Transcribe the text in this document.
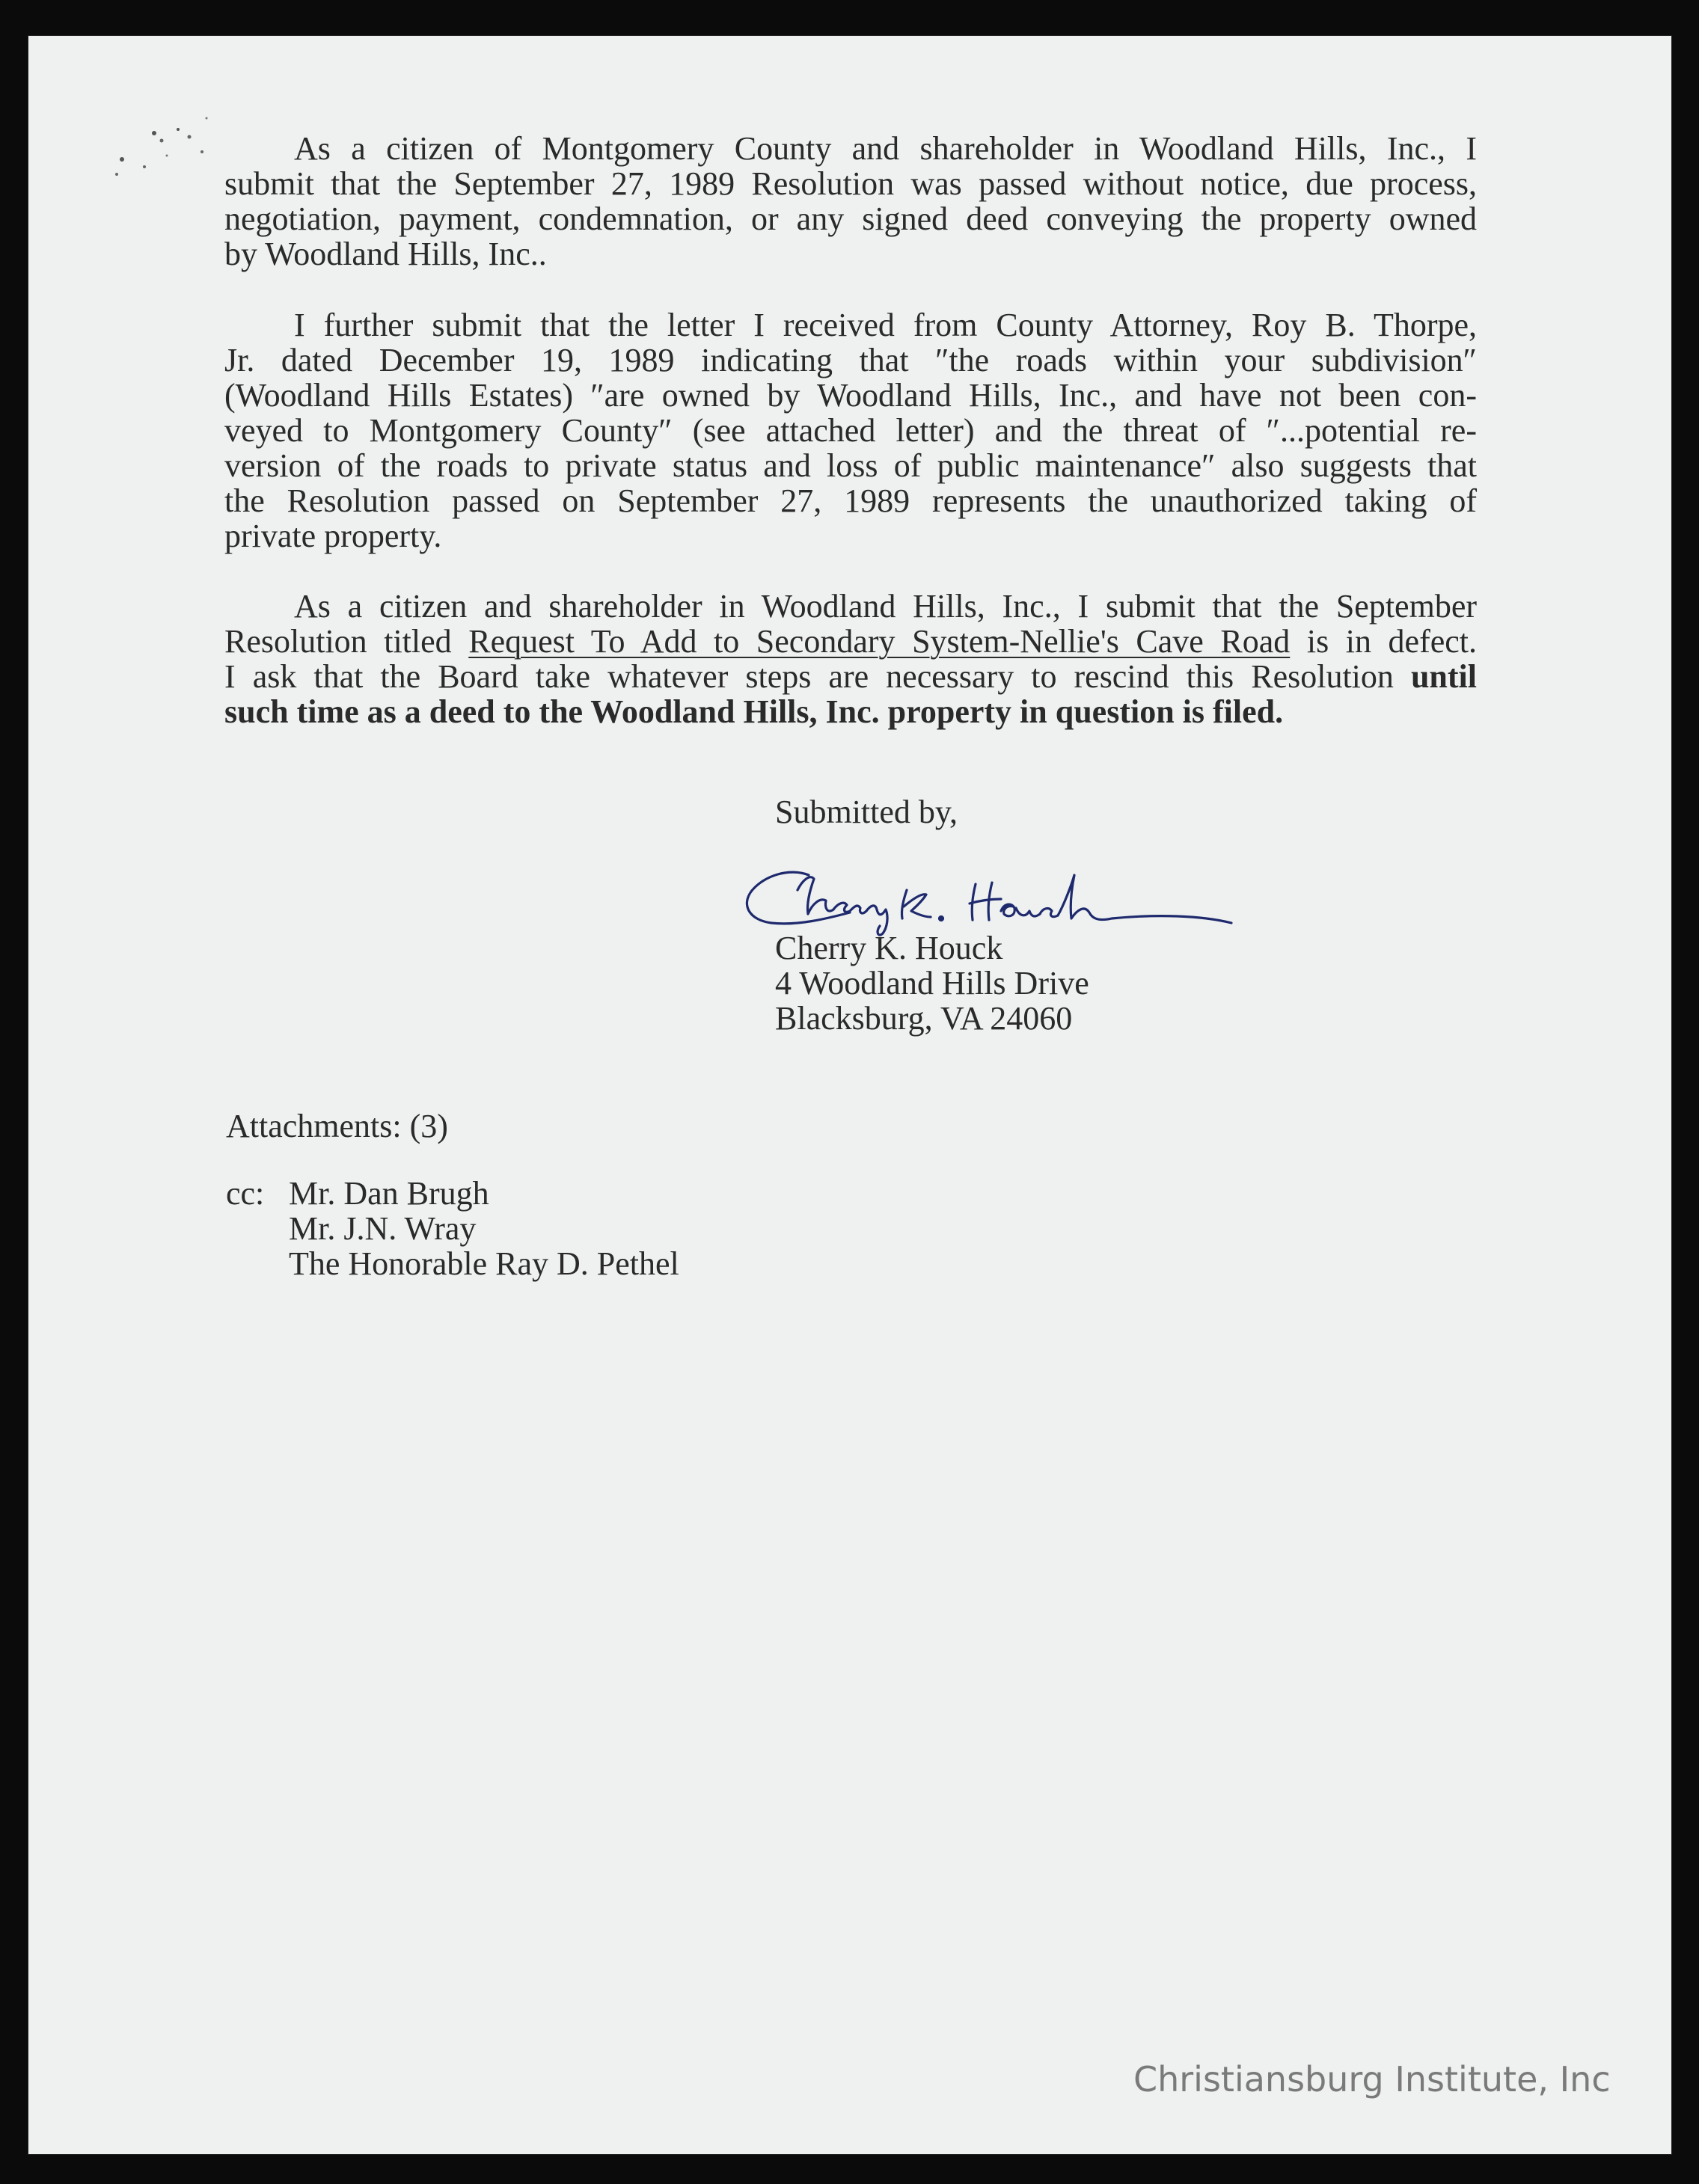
As a citizen of Montgomery County and shareholder in Woodland Hills, Inc., I
submit that the September 27, 1989 Resolution was passed without notice, due process,
negotiation, payment, condemnation, or any signed deed conveying the property owned
by Woodland Hills, Inc..
I further submit that the letter I received from County Attorney, Roy B. Thorpe,
Jr. dated December 19, 1989 indicating that ″the roads within your subdivision″
(Woodland Hills Estates) ″are owned by Woodland Hills, Inc., and have not been con-
veyed to Montgomery County″ (see attached letter) and the threat of ″...potential re-
version of the roads to private status and loss of public maintenance″ also suggests that
the Resolution passed on September 27, 1989 represents the unauthorized taking of
private property.
As a citizen and shareholder in Woodland Hills, Inc., I submit that the September
Resolution titled Request To Add to Secondary System-Nellie's Cave Road is in defect.
I ask that the Board take whatever steps are necessary to rescind this Resolution until
such time as a deed to the Woodland Hills, Inc. property in question is filed.
Submitted by,
Cherry K. Houck
4 Woodland Hills Drive
Blacksburg, VA 24060
Attachments: (3)
cc: Mr. Dan Brugh
Mr. J.N. Wray
The Honorable Ray D. Pethel
Christiansburg Institute, Inc
